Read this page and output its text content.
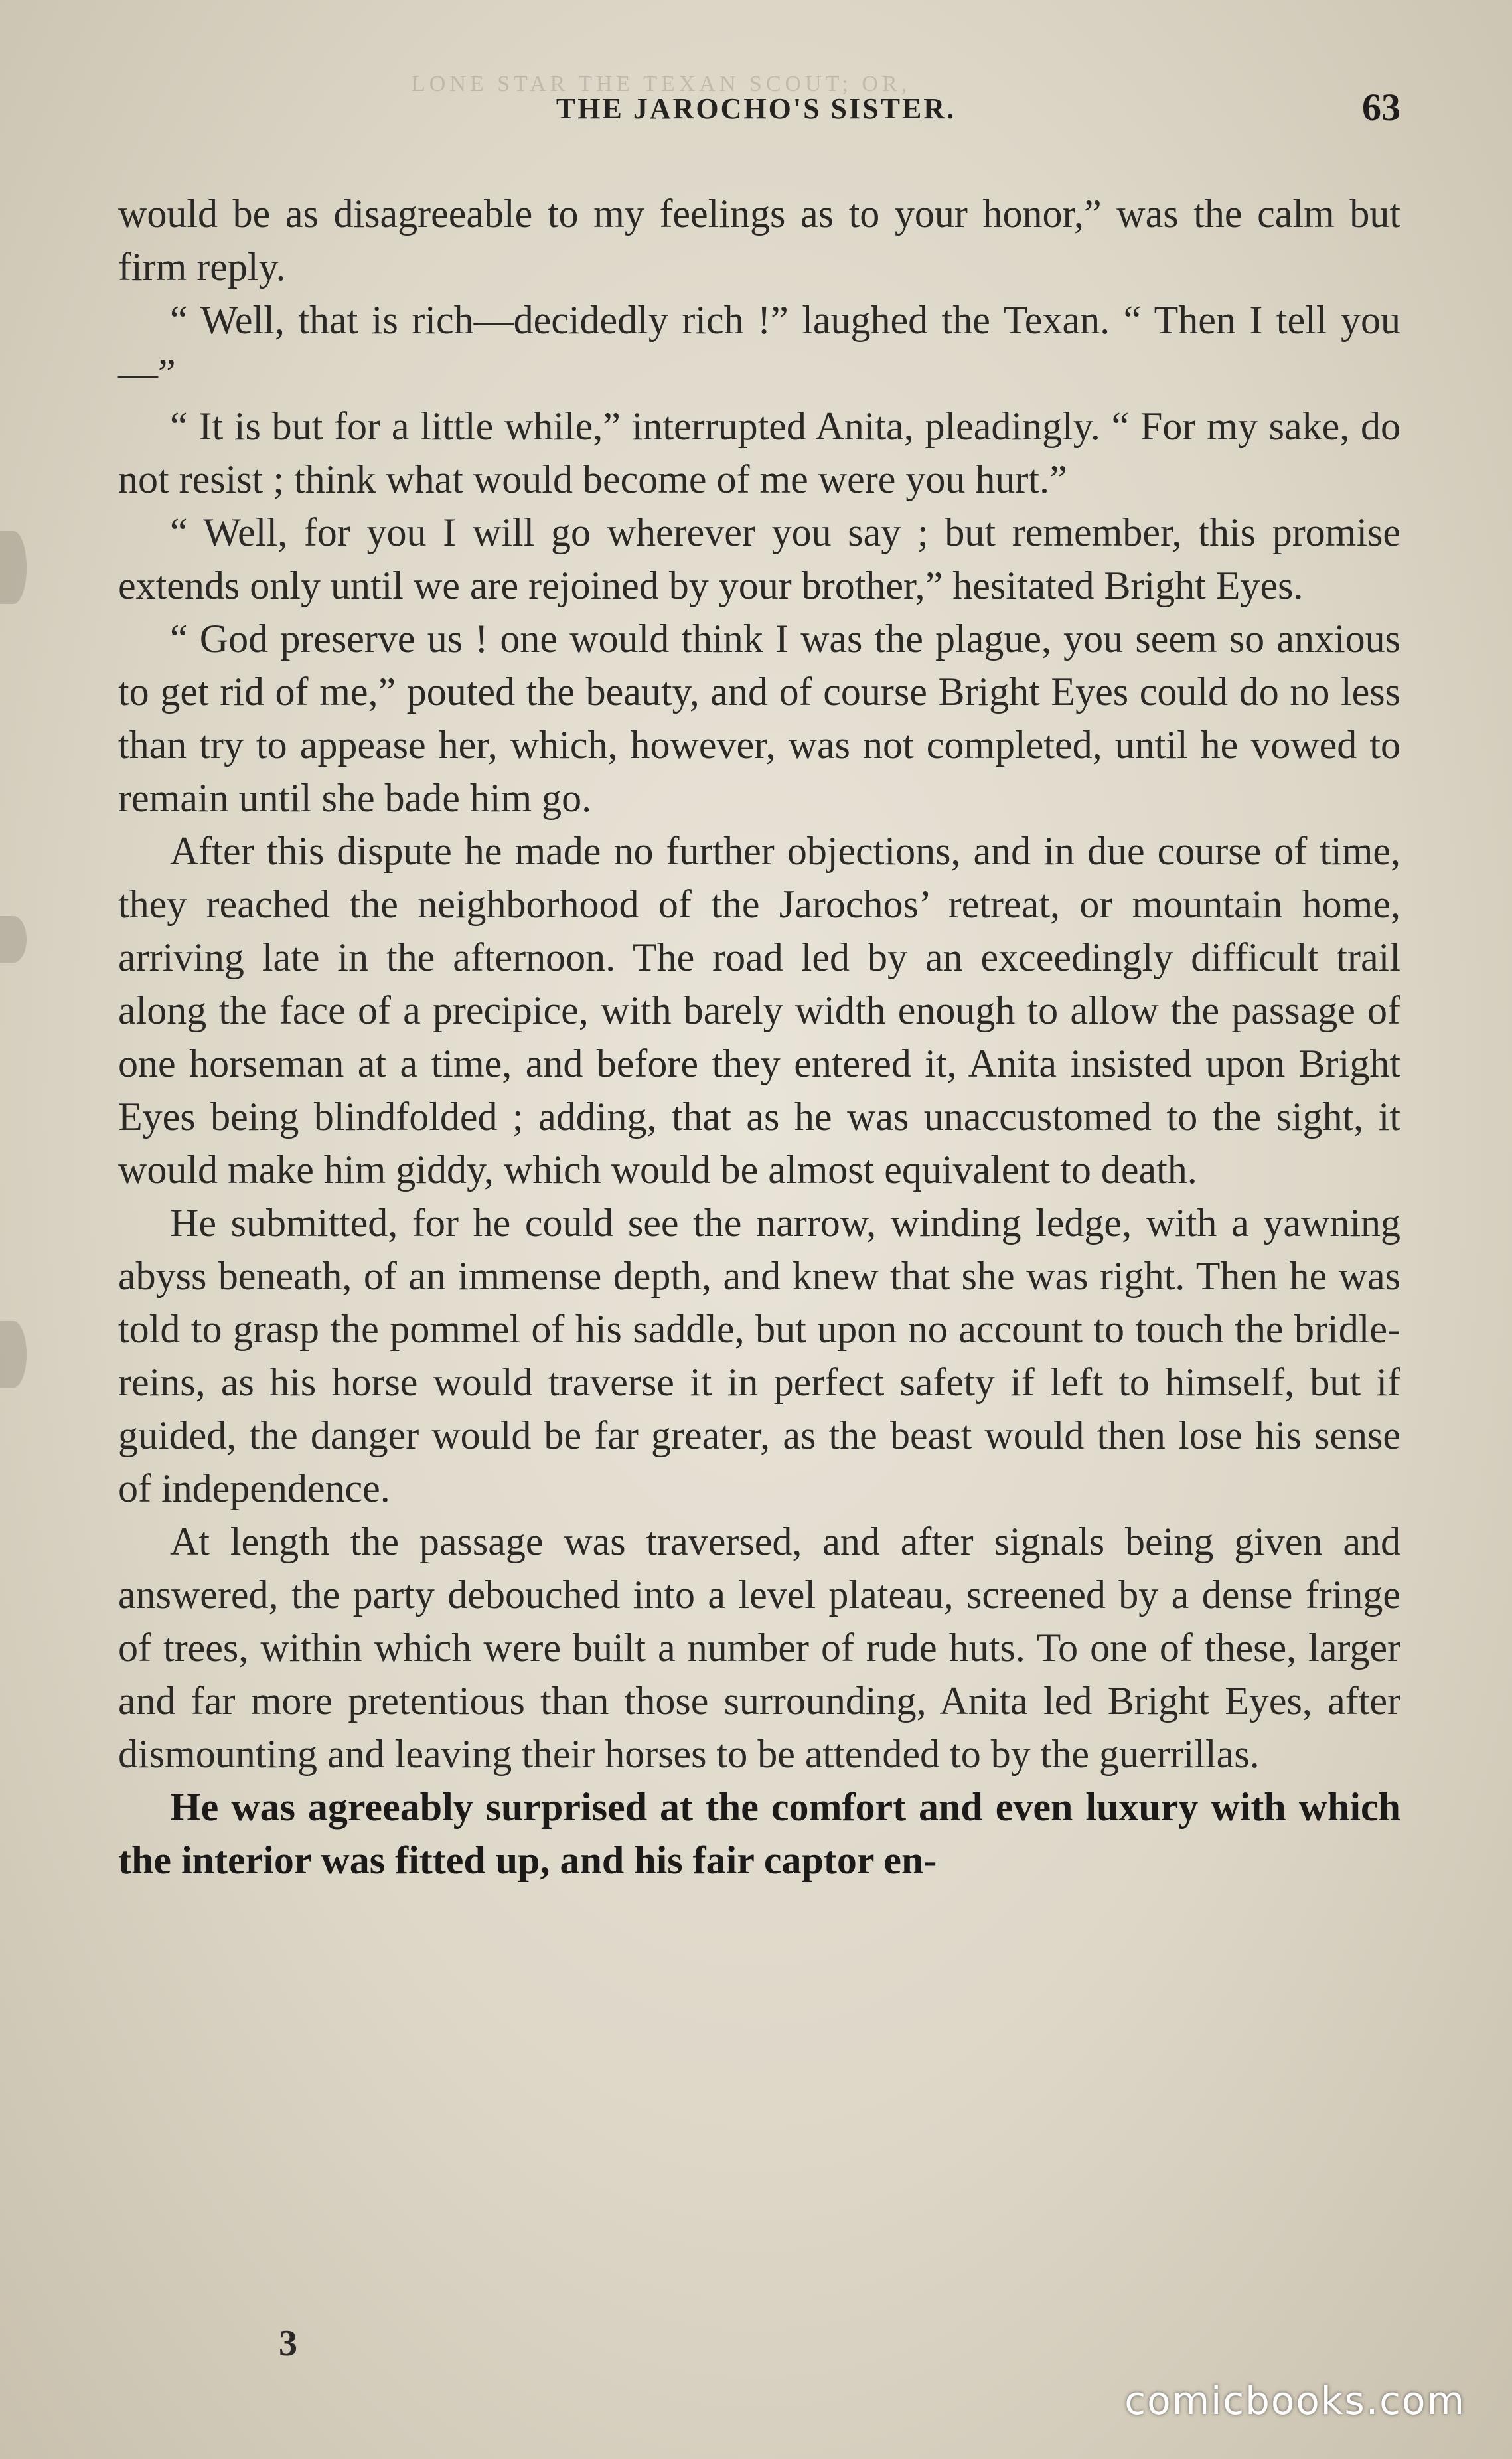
LONE STAR THE TEXAN SCOUT; OR,
THE JAROCHO'S SISTER.	63

would be as disagreeable to my feelings as to your honor,” was the calm but firm reply.

“ Well, that is rich—decidedly rich !” laughed the Texan. “ Then I tell you—”

“ It is but for a little while,” interrupted Anita, pleadingly. “ For my sake, do not resist ; think what would become of me were you hurt.”

“ Well, for you I will go wherever you say ; but remember, this promise extends only until we are rejoined by your brother,” hesitated Bright Eyes.

“ God preserve us ! one would think I was the plague, you seem so anxious to get rid of me,” pouted the beauty, and of course Bright Eyes could do no less than try to appease her, which, however, was not completed, until he vowed to remain until she bade him go.

After this dispute he made no further objections, and in due course of time, they reached the neighborhood of the Jarochos’ retreat, or mountain home, arriving late in the afternoon. The road led by an exceedingly difficult trail along the face of a precipice, with barely width enough to allow the passage of one horseman at a time, and before they entered it, Anita insisted upon Bright Eyes being blindfolded ; adding, that as he was unaccustomed to the sight, it would make him giddy, which would be almost equivalent to death.

He submitted, for he could see the narrow, winding ledge, with a yawning abyss beneath, of an immense depth, and knew that she was right. Then he was told to grasp the pommel of his saddle, but upon no account to touch the bridle-reins, as his horse would traverse it in perfect safety if left to himself, but if guided, the danger would be far greater, as the beast would then lose his sense of independence.

At length the passage was traversed, and after signals being given and answered, the party debouched into a level plateau, screened by a dense fringe of trees, within which were built a number of rude huts. To one of these, larger and far more pretentious than those surrounding, Anita led Bright Eyes, after dismounting and leaving their horses to be attended to by the guerrillas.

He was agreeably surprised at the comfort and even luxury with which the interior was fitted up, and his fair captor en-

3
comicbooks.com
